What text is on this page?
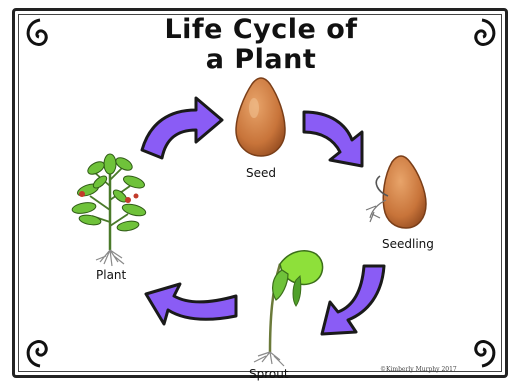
Life Cycle of
a Plant
Seed
Seedling
Sprout
Plant
©Kimberly Murphy 2017
